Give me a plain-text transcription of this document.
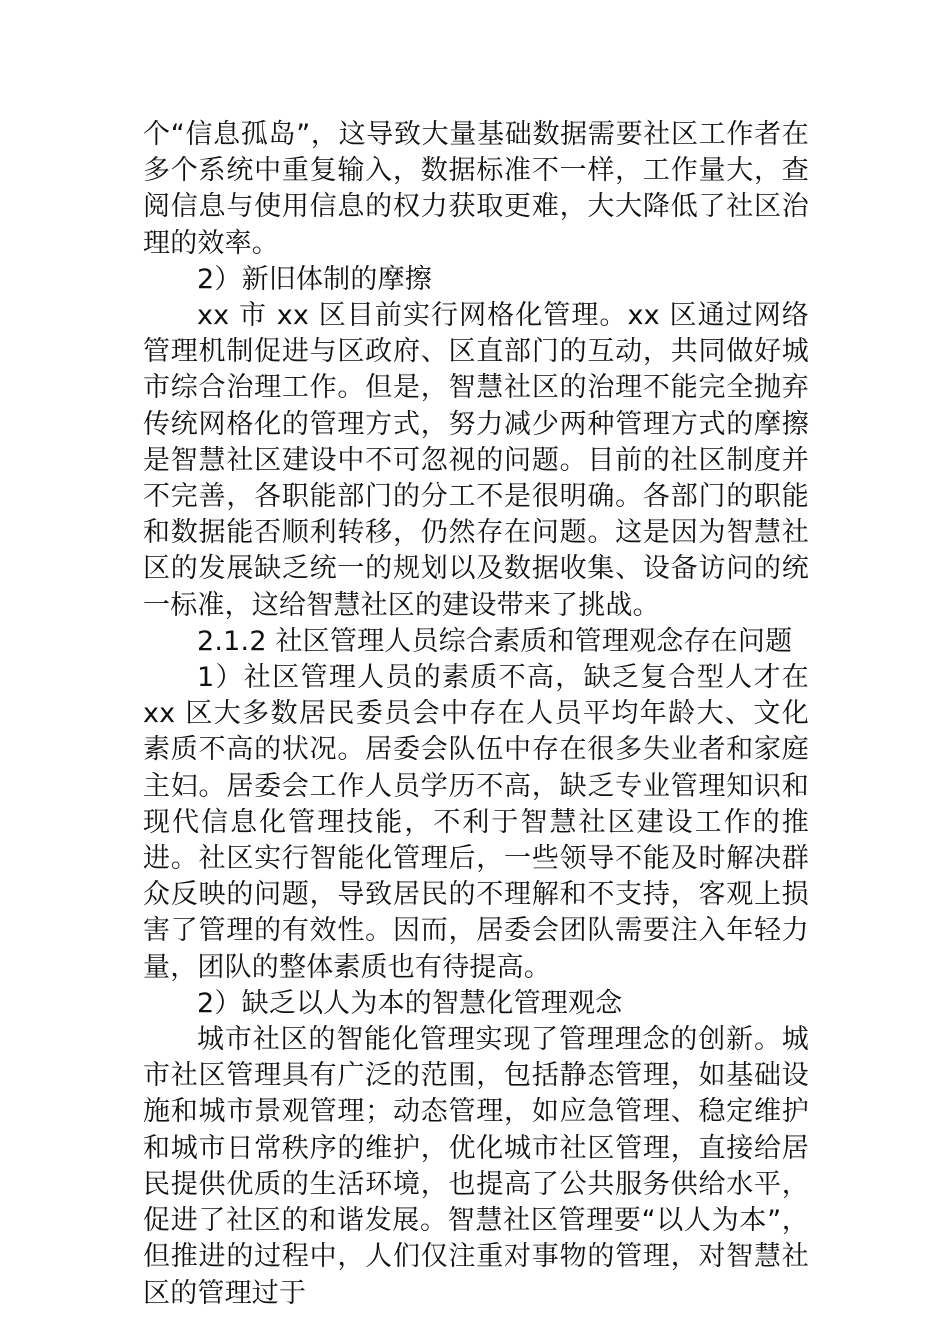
个“信息孤岛”，这导致大量基础数据需要社区工作者在多个系统中重复输入，数据标准不一样，工作量大，查阅信息与使用信息的权力获取更难，大大降低了社区治理的效率。

2）新旧体制的摩擦

xx 市 xx 区目前实行网格化管理。xx 区通过网络管理机制促进与区政府、区直部门的互动，共同做好城市综合治理工作。但是，智慧社区的治理不能完全抛弃传统网格化的管理方式，努力减少两种管理方式的摩擦是智慧社区建设中不可忽视的问题。目前的社区制度并不完善，各职能部门的分工不是很明确。各部门的职能和数据能否顺利转移，仍然存在问题。这是因为智慧社区的发展缺乏统一的规划以及数据收集、设备访问的统一标准，这给智慧社区的建设带来了挑战。

2.1.2 社区管理人员综合素质和管理观念存在问题

1）社区管理人员的素质不高，缺乏复合型人才在 xx 区大多数居民委员会中存在人员平均年龄大、文化素质不高的状况。居委会队伍中存在很多失业者和家庭主妇。居委会工作人员学历不高，缺乏专业管理知识和现代信息化管理技能，不利于智慧社区建设工作的推进。社区实行智能化管理后，一些领导不能及时解决群众反映的问题，导致居民的不理解和不支持，客观上损害了管理的有效性。因而，居委会团队需要注入年轻力量，团队的整体素质也有待提高。

2）缺乏以人为本的智慧化管理观念

城市社区的智能化管理实现了管理理念的创新。城市社区管理具有广泛的范围，包括静态管理，如基础设施和城市景观管理；动态管理，如应急管理、稳定维护和城市日常秩序的维护，优化城市社区管理，直接给居民提供优质的生活环境，也提高了公共服务供给水平，促进了社区的和谐发展。智慧社区管理要“以人为本”，但推进的过程中，人们仅注重对事物的管理，对智慧社区的管理过于
